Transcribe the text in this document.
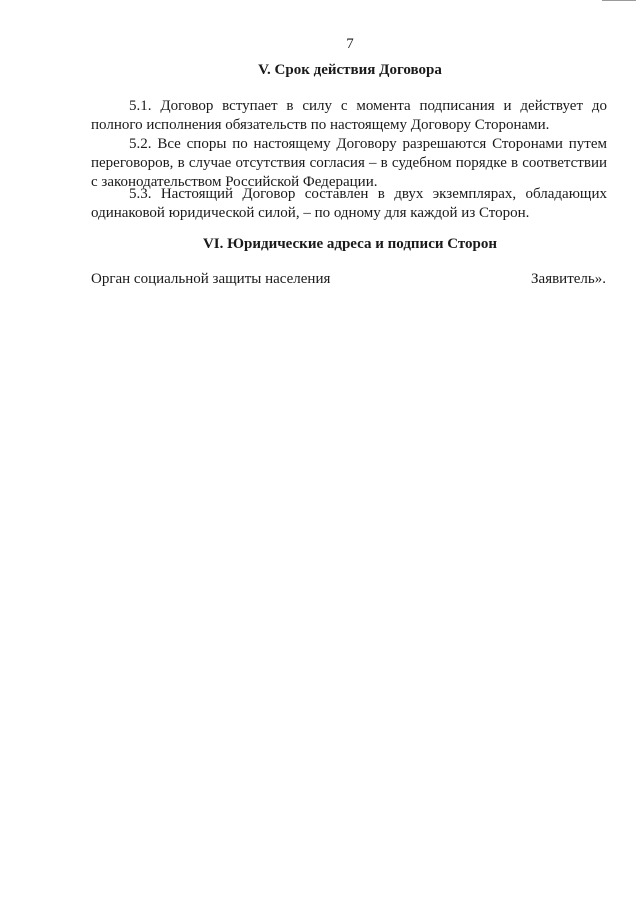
7
V. Срок действия Договора
5.1. Договор вступает в силу с момента подписания и действует до полного исполнения обязательств по настоящему Договору Сторонами.
5.2. Все споры по настоящему Договору разрешаются Сторонами путем переговоров, в случае отсутствия согласия – в судебном порядке в соответствии с законодательством Российской Федерации.
5.3. Настоящий Договор составлен в двух экземплярах, обладающих одинаковой юридической силой, – по одному для каждой из Сторон.
VI. Юридические адреса и подписи Сторон
Орган социальной защиты населения	Заявитель».
